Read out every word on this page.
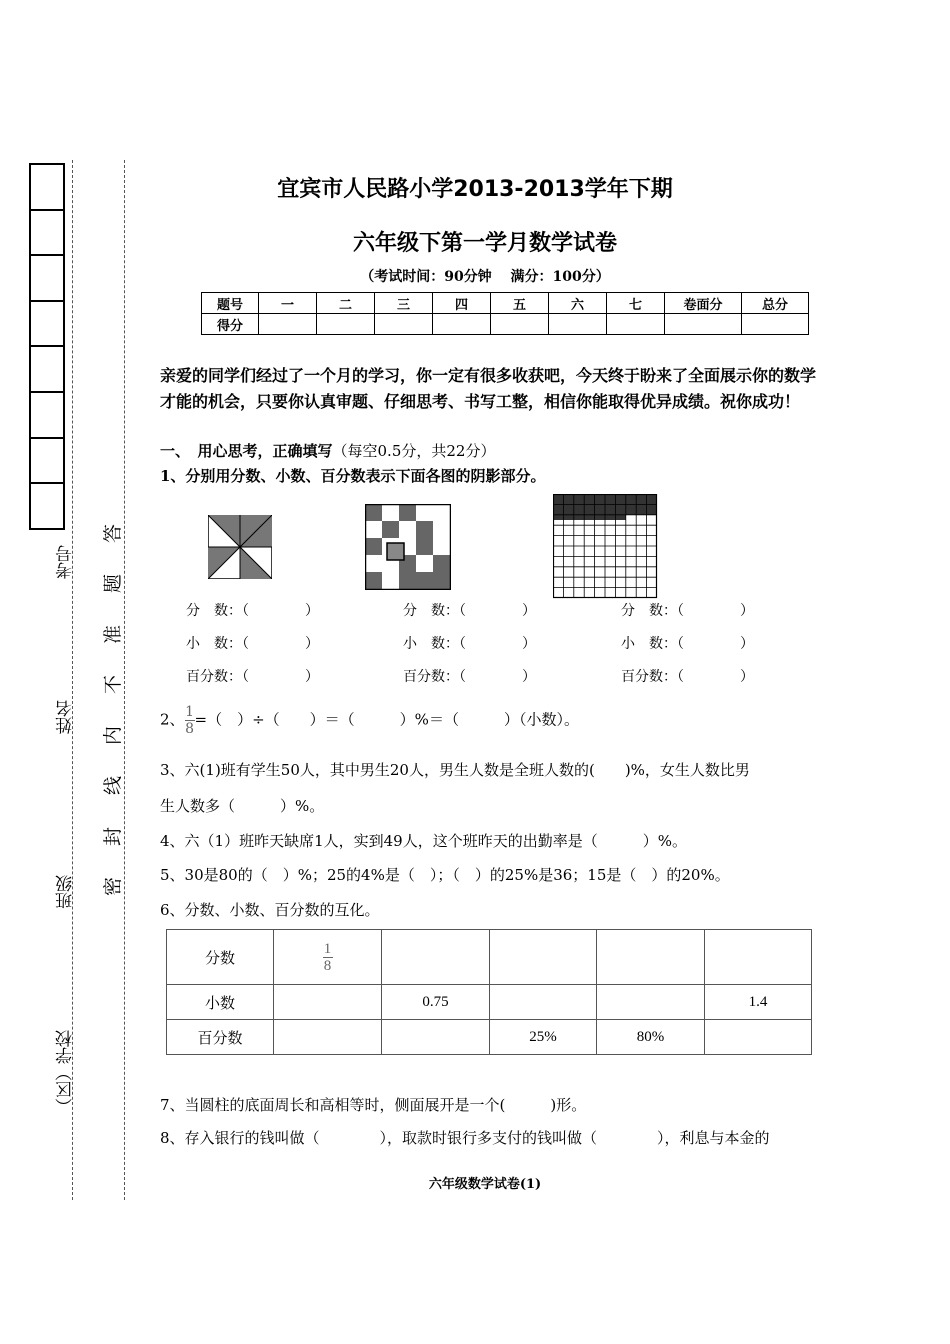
答
题
准
不
内
线
封
密
考号
姓名
班级
（区）学校
宜宾市人民路小学2013-2013学年下期
六年级下第一学月数学试卷
（考试时间：90分钟　 满分：100分）
题号	一	二	三	四	五	六	七	卷面分	总分
得分									
亲爱的同学们经过了一个月的学习，你一定有很多收获吧，今天终于盼来了全面展示你的数学才能的机会，只要你认真审题、仔细思考、书写工整，相信你能取得优异成绩。祝你成功！
一、　用心思考，正确填写（每空0.5分，共22分）
1、分别用分数、小数、百分数表示下面各图的阴影部分。
分　数：（　　　　）
小　数：（　　　　）
百分数：（　　　　）
分　数：（　　　　）
小　数：（　　　　）
百分数：（　　　　）
分　数：（　　　　）
小　数：（　　　　）
百分数：（　　　　）
2、 $\frac{1}{8}$ =（　）÷（　　）＝（　　　）%＝（　　　）（小数）。
3、六(1)班有学生50人，其中男生20人，男生人数是全班人数的(　　)%，女生人数比男
生人数多（　　　）%。
4、六（1）班昨天缺席1人，实到49人，这个班昨天的出勤率是（　　　）%。
5、30是80的（　）%；25的4%是（　）；（　）的25%是36；15是（　）的20%。
6、分数、小数、百分数的互化。
分数	$\frac{1}{8}$

小数		0.75			1.4
百分数			25%	80%	
7、当圆柱的底面周长和高相等时，侧面展开是一个(　　　)形。
8、存入银行的钱叫做（　　　　），取款时银行多支付的钱叫做（　　　　），利息与本金的
六年级数学试卷(1)
